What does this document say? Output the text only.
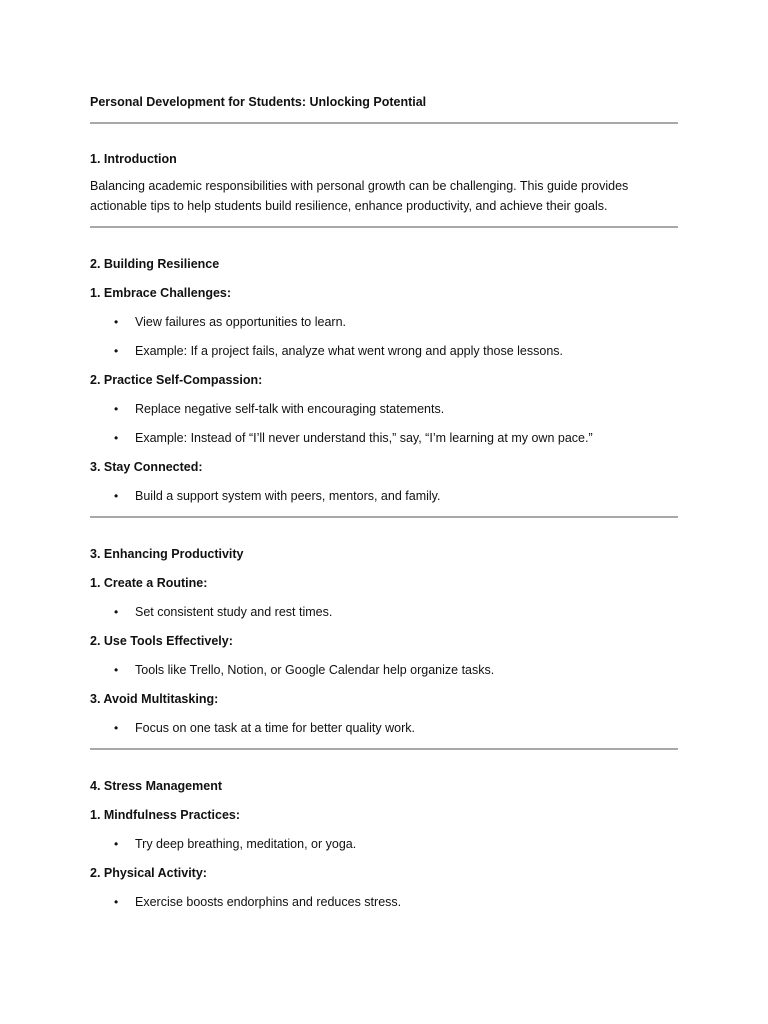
Personal Development for Students: Unlocking Potential
1. Introduction
Balancing academic responsibilities with personal growth can be challenging. This guide provides actionable tips to help students build resilience, enhance productivity, and achieve their goals.
2. Building Resilience
1. Embrace Challenges:
• View failures as opportunities to learn.
• Example: If a project fails, analyze what went wrong and apply those lessons.
2. Practice Self-Compassion:
• Replace negative self-talk with encouraging statements.
• Example: Instead of “I’ll never understand this,” say, “I’m learning at my own pace.”
3. Stay Connected:
• Build a support system with peers, mentors, and family.
3. Enhancing Productivity
1. Create a Routine:
• Set consistent study and rest times.
2. Use Tools Effectively:
• Tools like Trello, Notion, or Google Calendar help organize tasks.
3. Avoid Multitasking:
• Focus on one task at a time for better quality work.
4. Stress Management
1. Mindfulness Practices:
• Try deep breathing, meditation, or yoga.
2. Physical Activity:
• Exercise boosts endorphins and reduces stress.
